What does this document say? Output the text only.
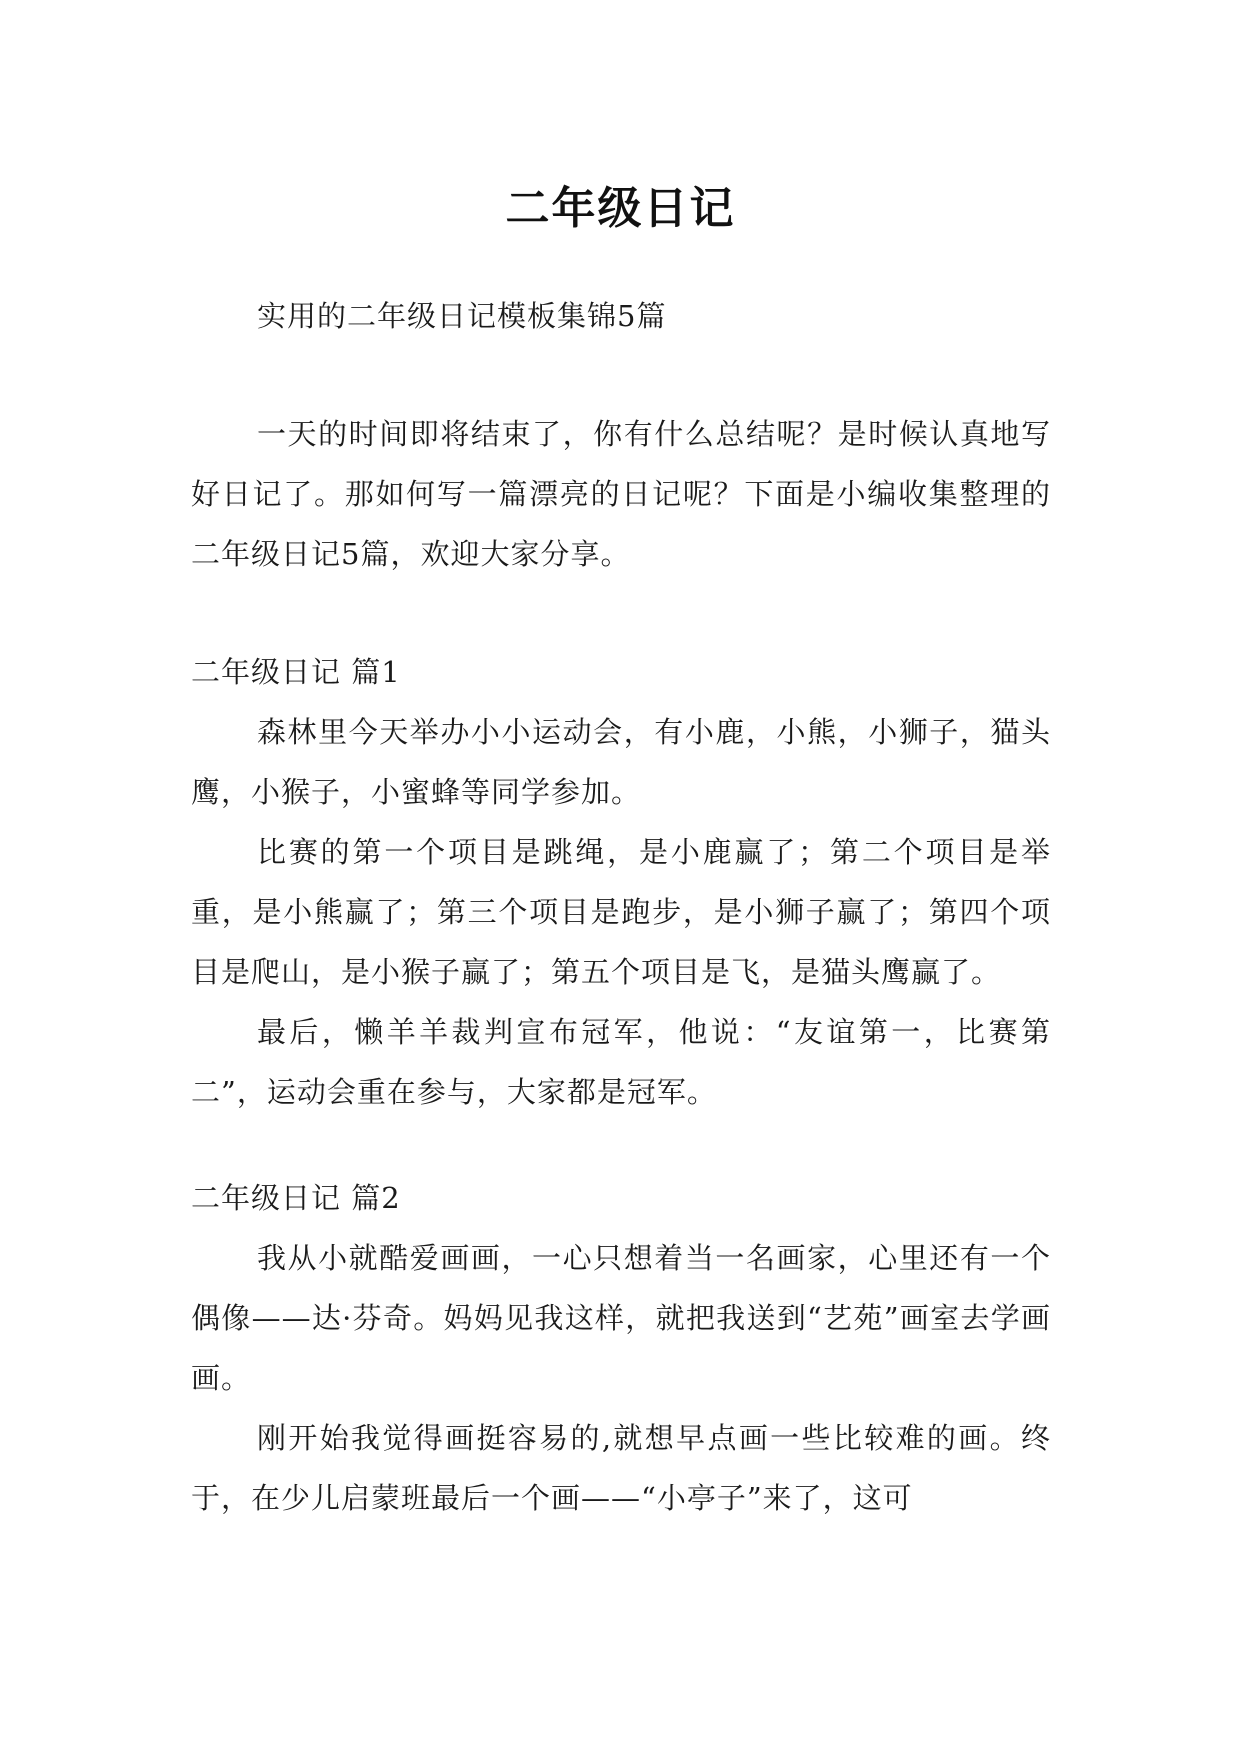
二年级日记

实用的二年级日记模板集锦5篇

一天的时间即将结束了，你有什么总结呢？是时候认真地写好日记了。那如何写一篇漂亮的日记呢？下面是小编收集整理的二年级日记5篇，欢迎大家分享。

二年级日记 篇1

森林里今天举办小小运动会，有小鹿，小熊，小狮子，猫头鹰，小猴子，小蜜蜂等同学参加。

比赛的第一个项目是跳绳，是小鹿赢了；第二个项目是举重，是小熊赢了；第三个项目是跑步，是小狮子赢了；第四个项目是爬山，是小猴子赢了；第五个项目是飞，是猫头鹰赢了。

最后，懒羊羊裁判宣布冠军，他说：“友谊第一，比赛第二”，运动会重在参与，大家都是冠军。

二年级日记 篇2

我从小就酷爱画画，一心只想着当一名画家，心里还有一个偶像——达·芬奇。妈妈见我这样，就把我送到“艺苑”画室去学画画。

刚开始我觉得画挺容易的,就想早点画一些比较难的画。终于，在少儿启蒙班最后一个画——“小亭子”来了，这可
